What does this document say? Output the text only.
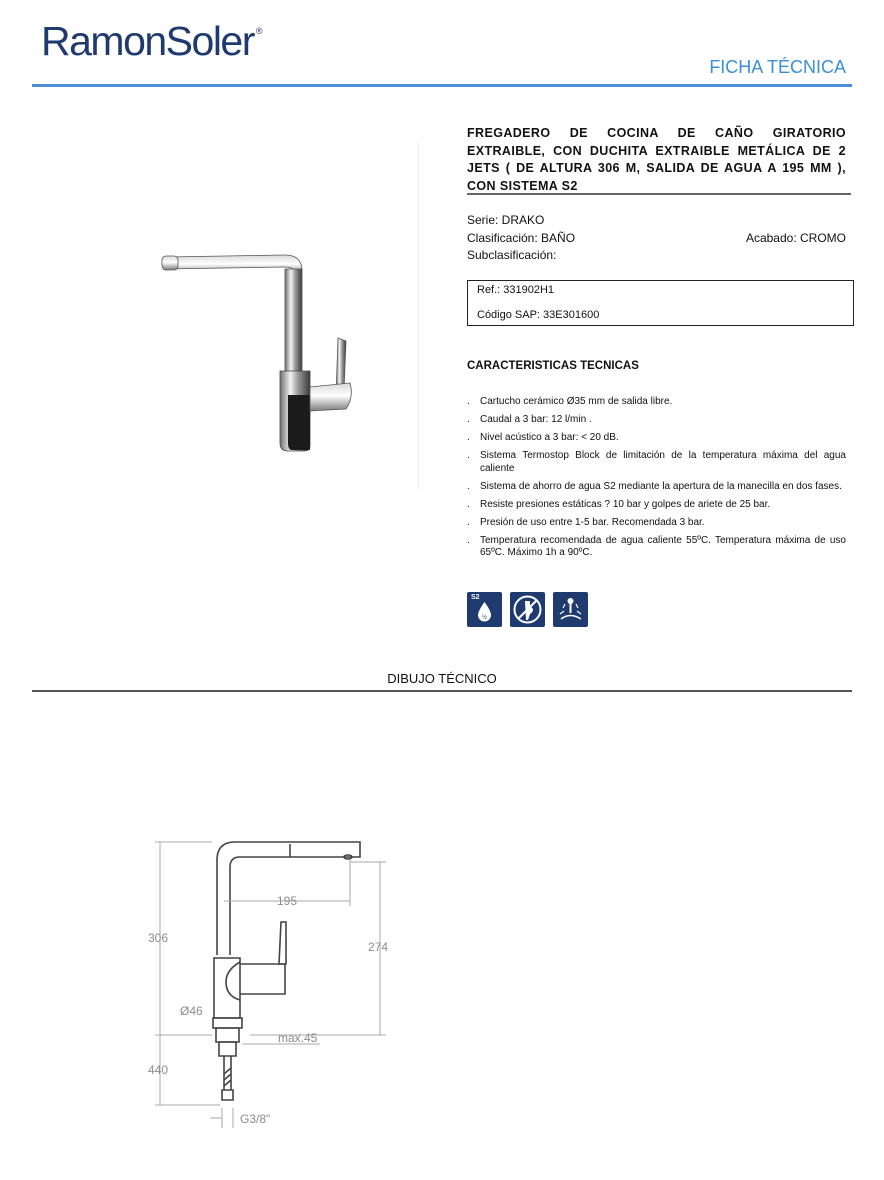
RamonSoler ®
FICHA TÉCNICA
FREGADERO DE COCINA DE CAÑO GIRATORIO EXTRAIBLE, CON DUCHITA EXTRAIBLE METÁLICA DE 2 JETS ( DE ALTURA 306 M, SALIDA DE AGUA A 195 MM ), CON SISTEMA S2
Serie: DRAKO
Clasificación: BAÑO
Subclasificación:
Acabado: CROMO
Ref.: 331902H1
Código SAP: 33E301600
CARACTERISTICAS TECNICAS
. Cartucho cerámico Ø35 mm de salida libre.
. Caudal a 3 bar: 12 l/min .
. Nivel acústico a 3 bar: < 20 dB.
. Sistema Termostop Block de limitación de la temperatura máxima del agua caliente
. Sistema de ahorro de agua S2 mediante la apertura de la manecilla en dos fases.
. Resiste presiones estáticas ? 10 bar y golpes de ariete de 25 bar.
. Presión de uso entre 1-5 bar. Recomendada 3 bar.
. Temperatura recomendada de agua caliente 55ºC. Temperatura máxima de uso 65ºC. Máximo 1h a 90ºC.
S2
½
DIBUJO TÉCNICO
306
195
274
Ø46
max.45
440
G3/8"
